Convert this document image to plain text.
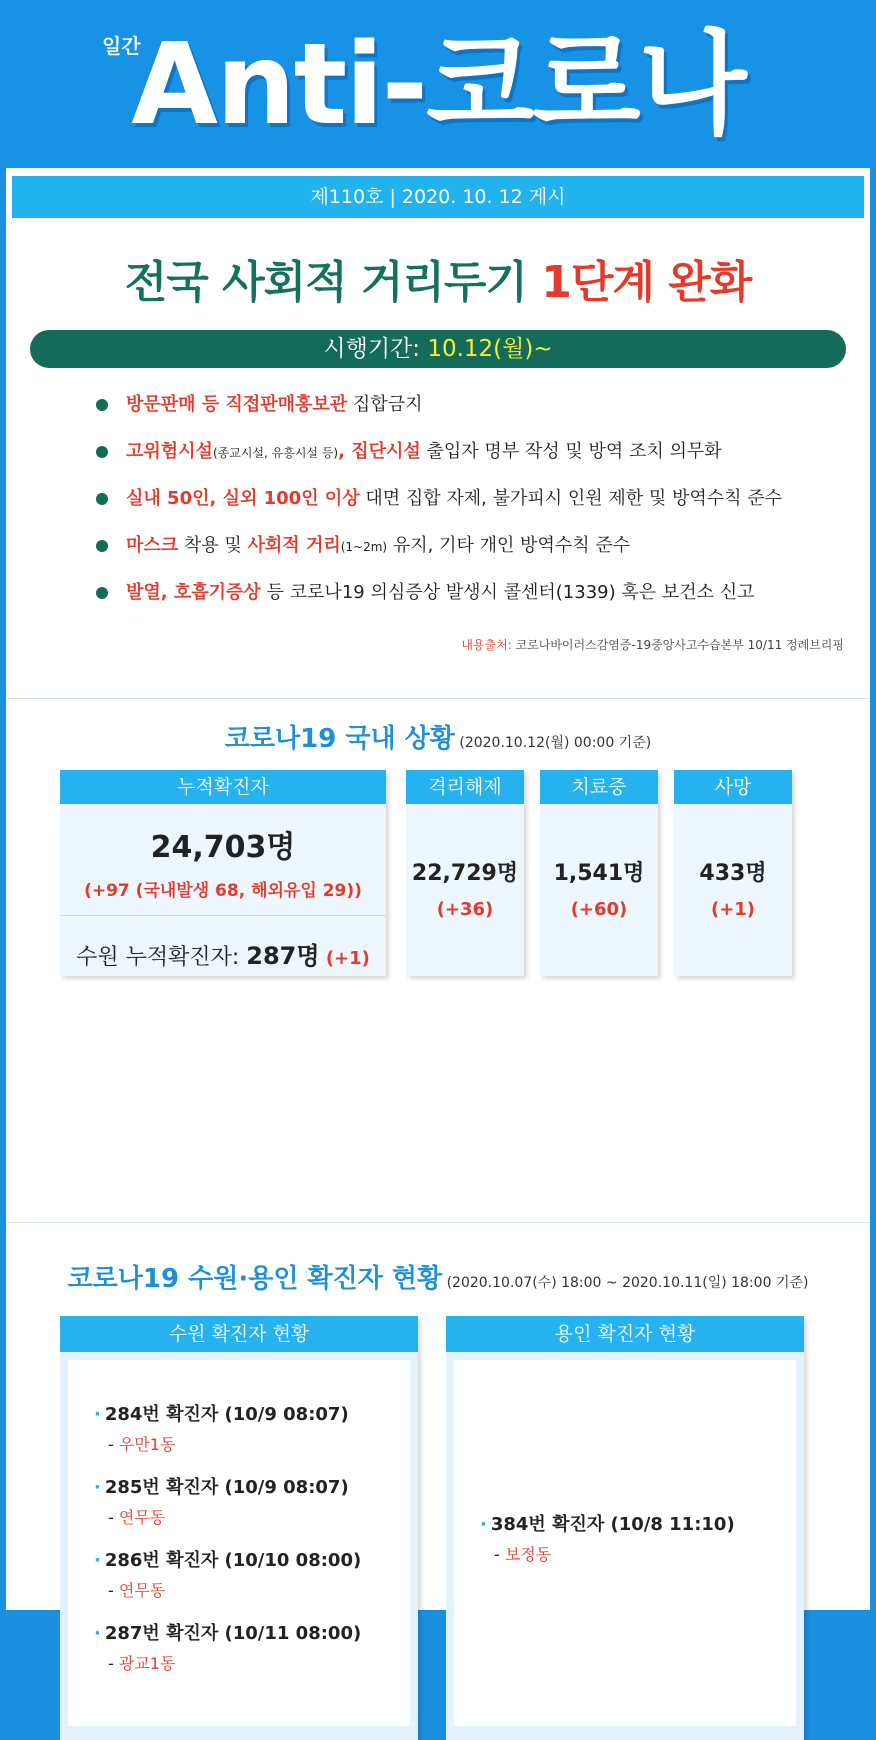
일간
Anti-코로나
제110호 | 2020. 10. 12 게시
전국 사회적 거리두기 1단계 완화
시행기간: 10.12(월)~
방문판매 등 직접판매홍보관 집합금지
고위험시설(종교시설, 유흥시설 등), 집단시설 출입자 명부 작성 및 방역 조치 의무화
실내 50인, 실외 100인 이상 대면 집합 자제, 불가피시 인원 제한 및 방역수칙 준수
마스크 착용 및 사회적 거리(1~2m) 유지, 기타 개인 방역수칙 준수
발열, 호흡기증상 등 코로나19 의심증상 발생시 콜센터(1339) 혹은 보건소 신고
내용출처: 코로나바이러스감염증-19중앙사고수습본부 10/11 정례브리핑
코로나19 국내 상황 (2020.10.12(월) 00:00 기준)
누적확진자
24,703명
(+97 (국내발생 68, 해외유입 29))
수원 누적확진자: 287명 (+1)
격리해제
22,729명
(+36)
치료중
1,541명
(+60)
사망
433명
(+1)
코로나19 수원·용인 확진자 현황 (2020.10.07(수) 18:00 ~ 2020.10.11(일) 18:00 기준)
수원 확진자 현황
· 284번 확진자 (10/9 08:07)
- 우만1동
· 285번 확진자 (10/9 08:07)
- 연무동
· 286번 확진자 (10/10 08:00)
- 연무동
· 287번 확진자 (10/11 08:00)
- 광교1동
용인 확진자 현황
· 384번 확진자 (10/8 11:10)
- 보정동
